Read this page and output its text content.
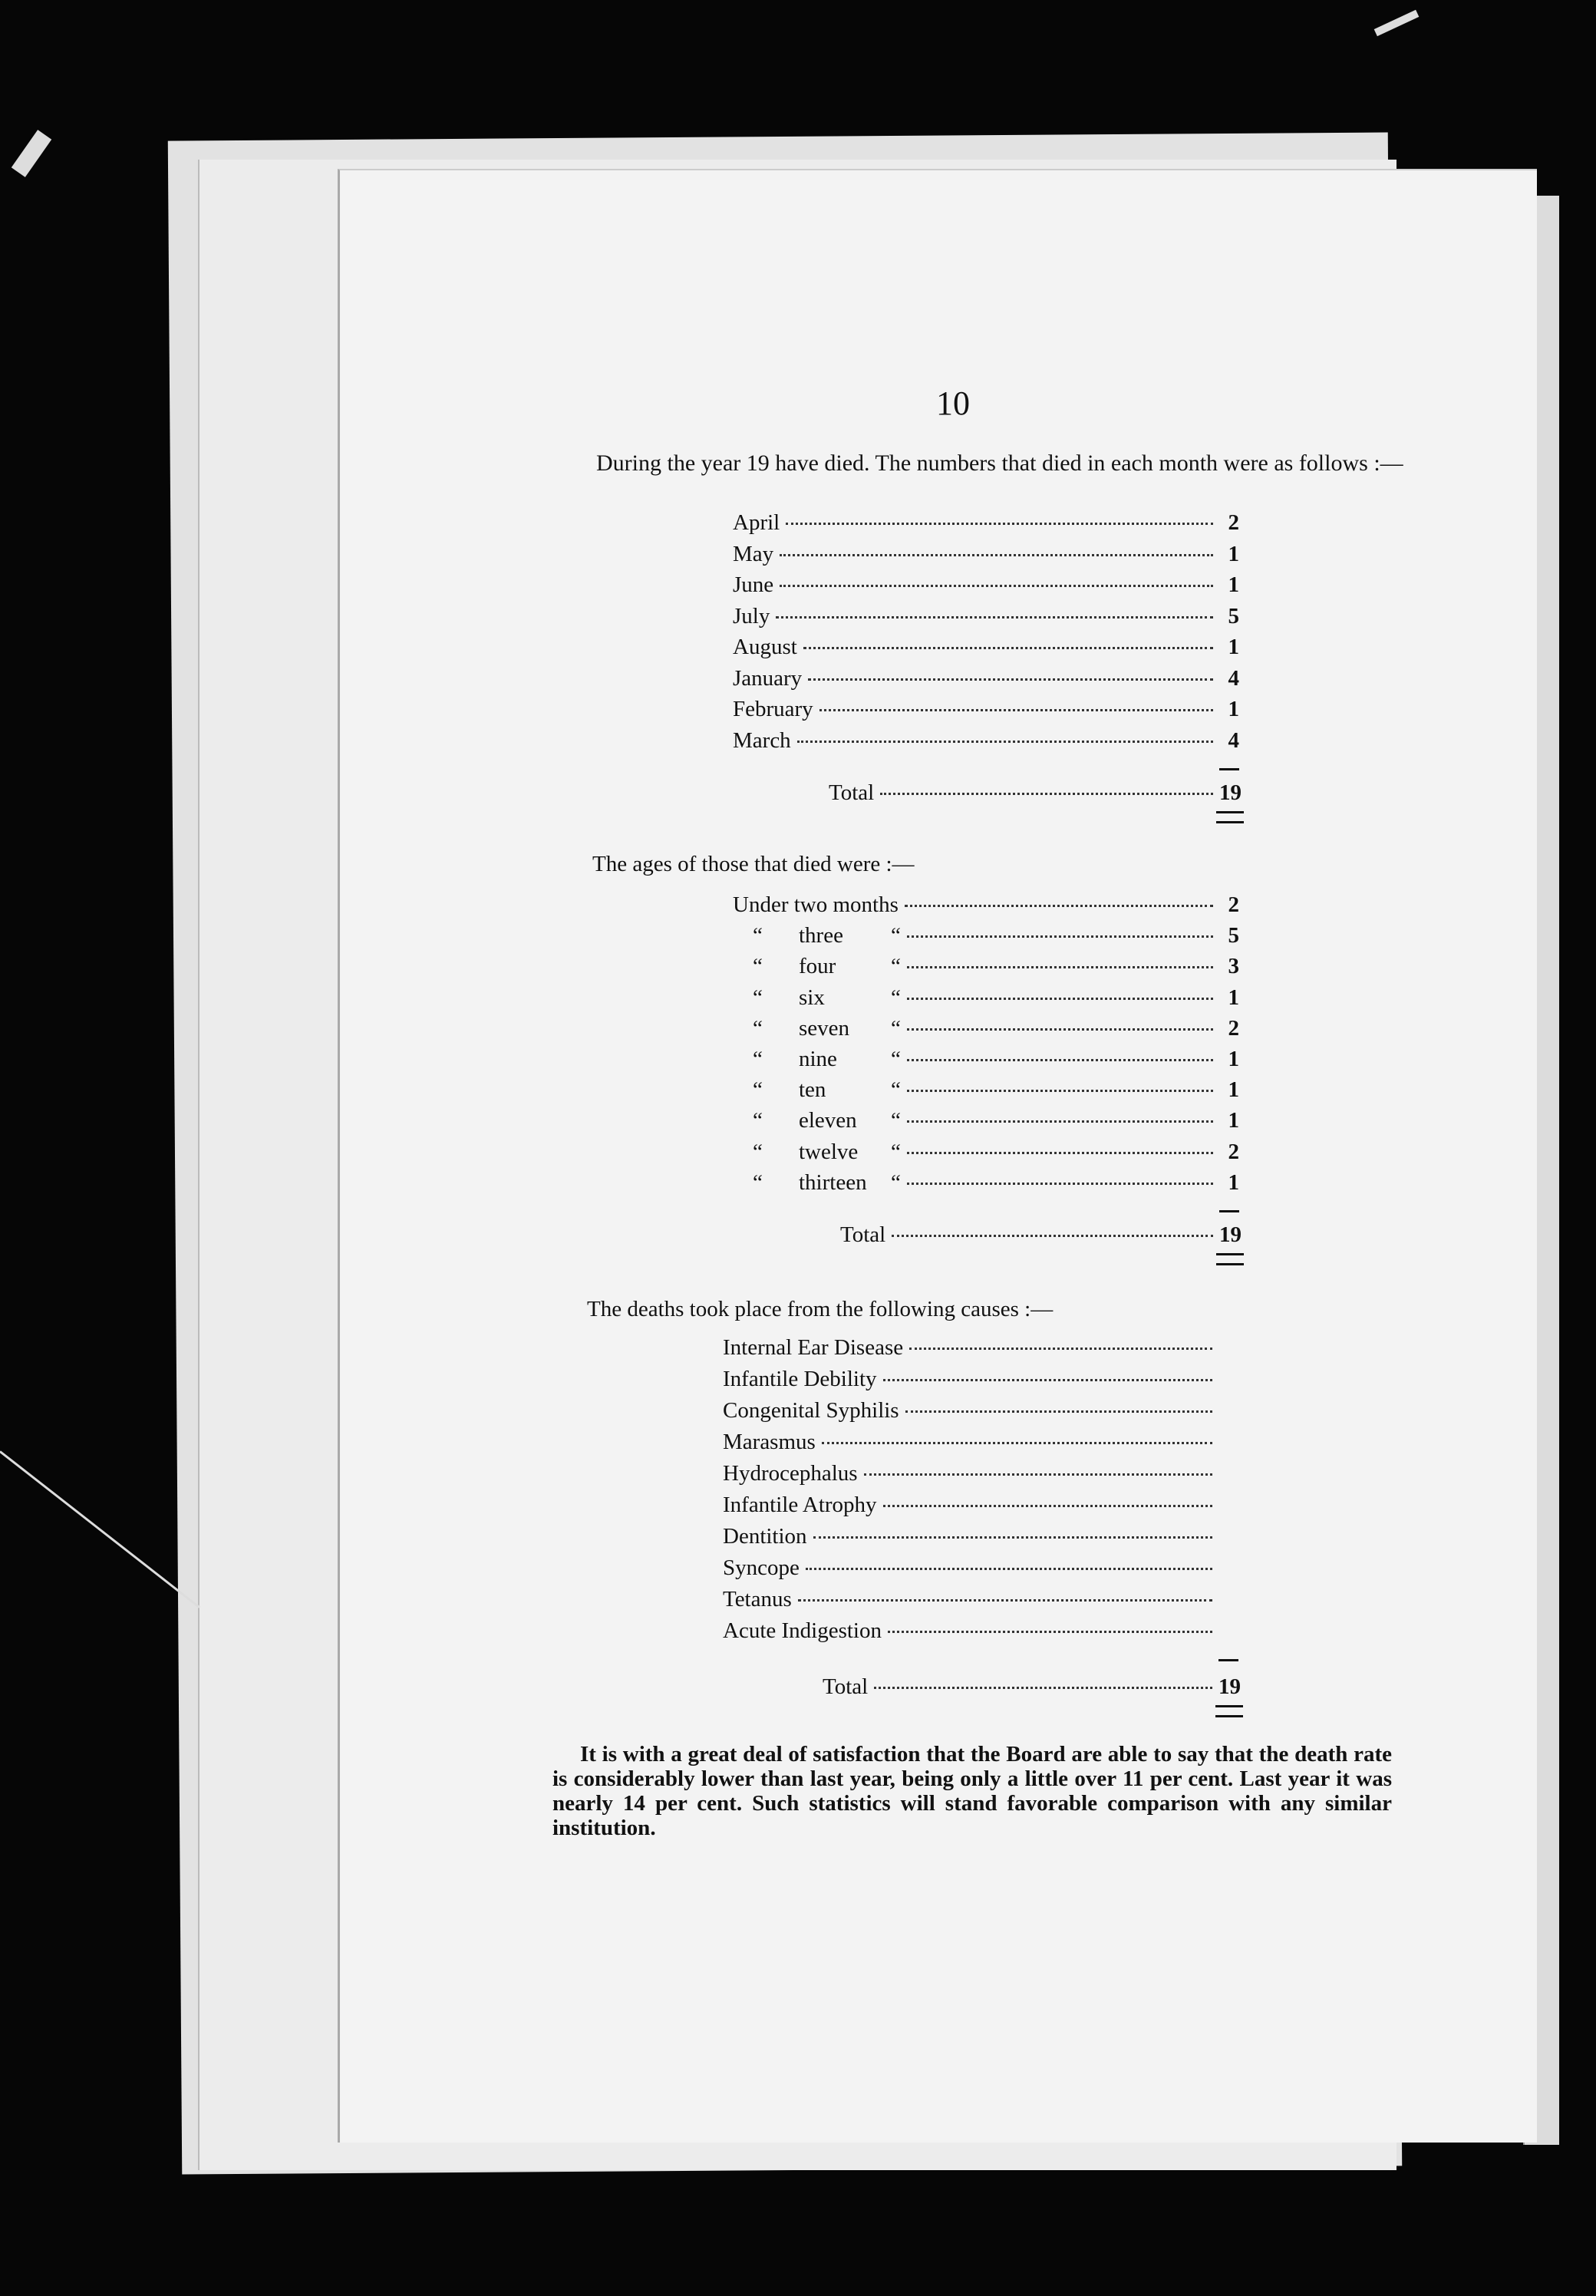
10
During the year 19 have died. The numbers that died in each month were as follows :—
April	2
May	1
June	1
July	5
August	1
January	4
February	1
March	4
Total	19
The ages of those that died were :—
Under two months	2
“ three “	5
“ four “	3
“ six	“	1
“ seven “	2
“ nine “	1
“ ten	“	1
“ eleven “	1
“ twelve “	2
“ thirteen “	1
Total	19
The deaths took place from the following causes :—
Internal Ear Disease
Infantile Debility
Congenital Syphilis
Marasmus
Hydrocephalus
Infantile Atrophy
Dentition
Syncope
Tetanus
Acute Indigestion
Total	19
It is with a great deal of satisfaction that the Board are able to say that the death rate is considerably lower than last year, being only a little over 11 per cent. Last year it was nearly 14 per cent. Such statistics will stand favorable comparison with any similar institution.
